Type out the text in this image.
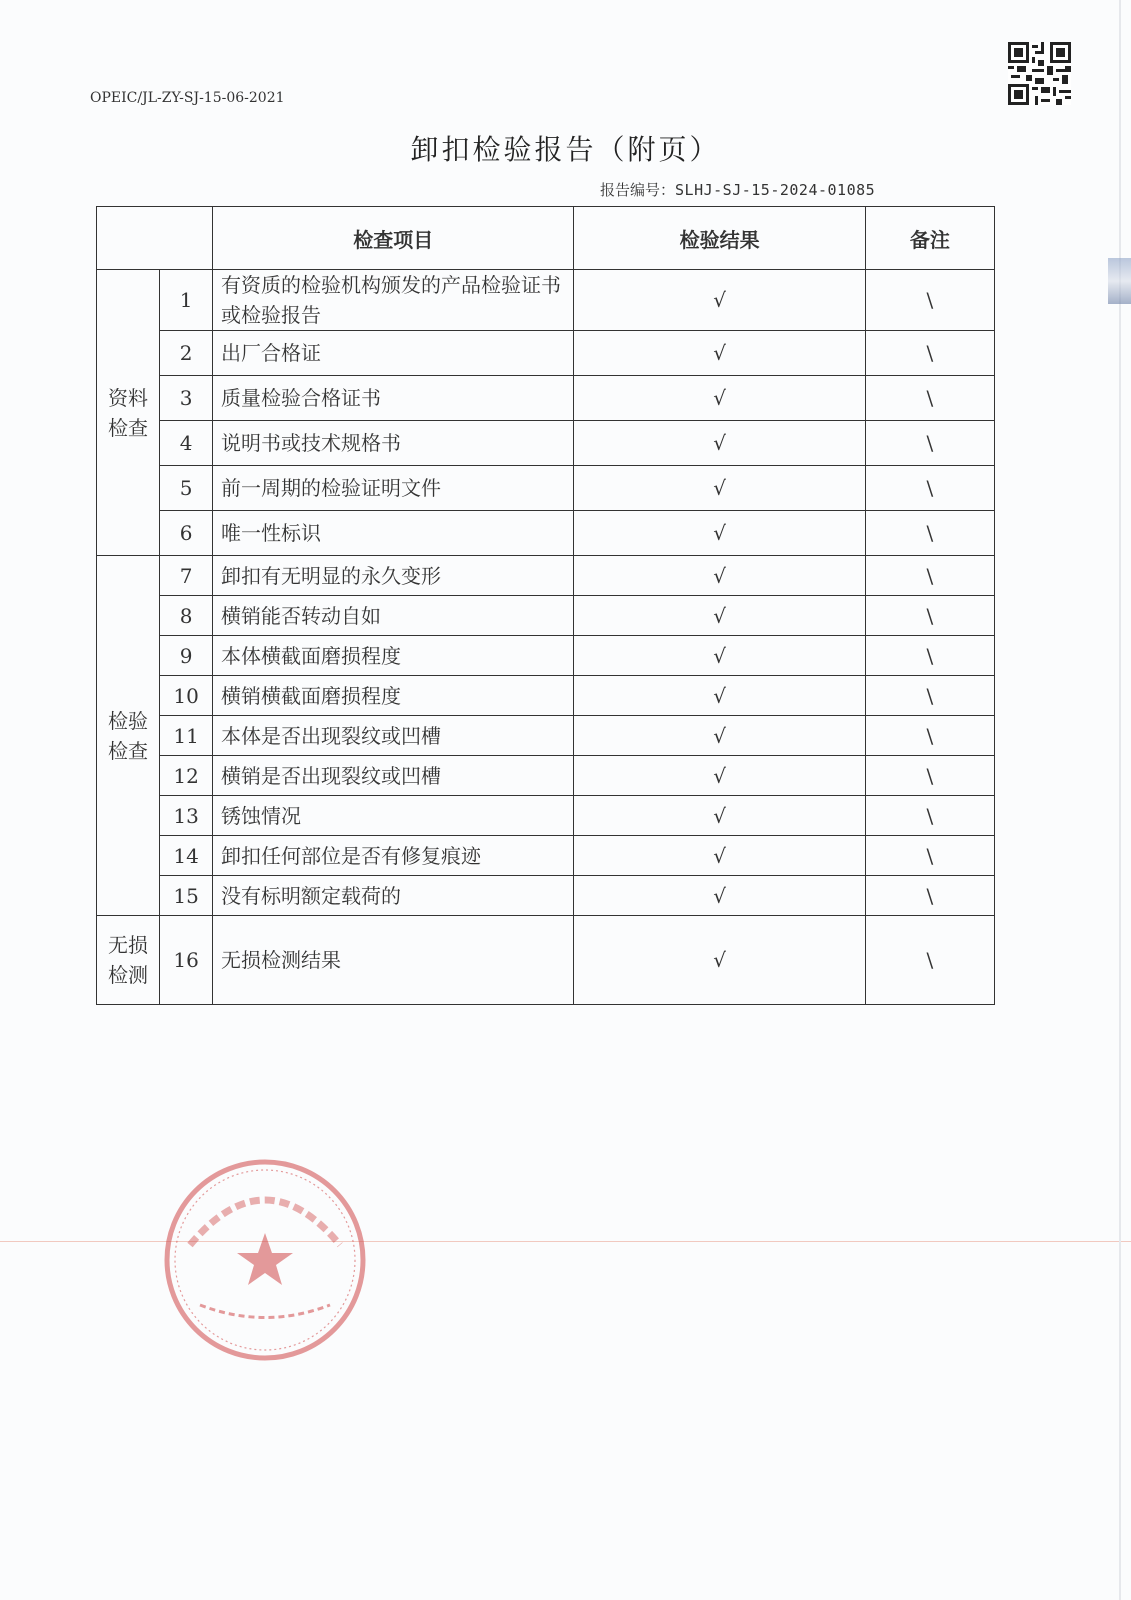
OPEIC/JL-ZY-SJ-15-06-2021
卸扣检验报告（附页）
报告编号：SLHJ-SJ-15-2024-01085
		检查项目	检验结果	备注
资料
检查	1	有资质的检验机构颁发的产品检验证书或检验报告	√	\
	2	出厂合格证	√	\
	3	质量检验合格证书	√	\
	4	说明书或技术规格书	√	\
	5	前一周期的检验证明文件	√	\
	6	唯一性标识	√	\
检验
检查	7	卸扣有无明显的永久变形	√	\
	8	横销能否转动自如	√	\
	9	本体横截面磨损程度	√	\
	10	横销横截面磨损程度	√	\
	11	本体是否出现裂纹或凹槽	√	\
	12	横销是否出现裂纹或凹槽	√	\
	13	锈蚀情况	√	\
	14	卸扣任何部位是否有修复痕迹	√	\
	15	没有标明额定载荷的	√	\
无损
检测	16	无损检测结果	√	\
